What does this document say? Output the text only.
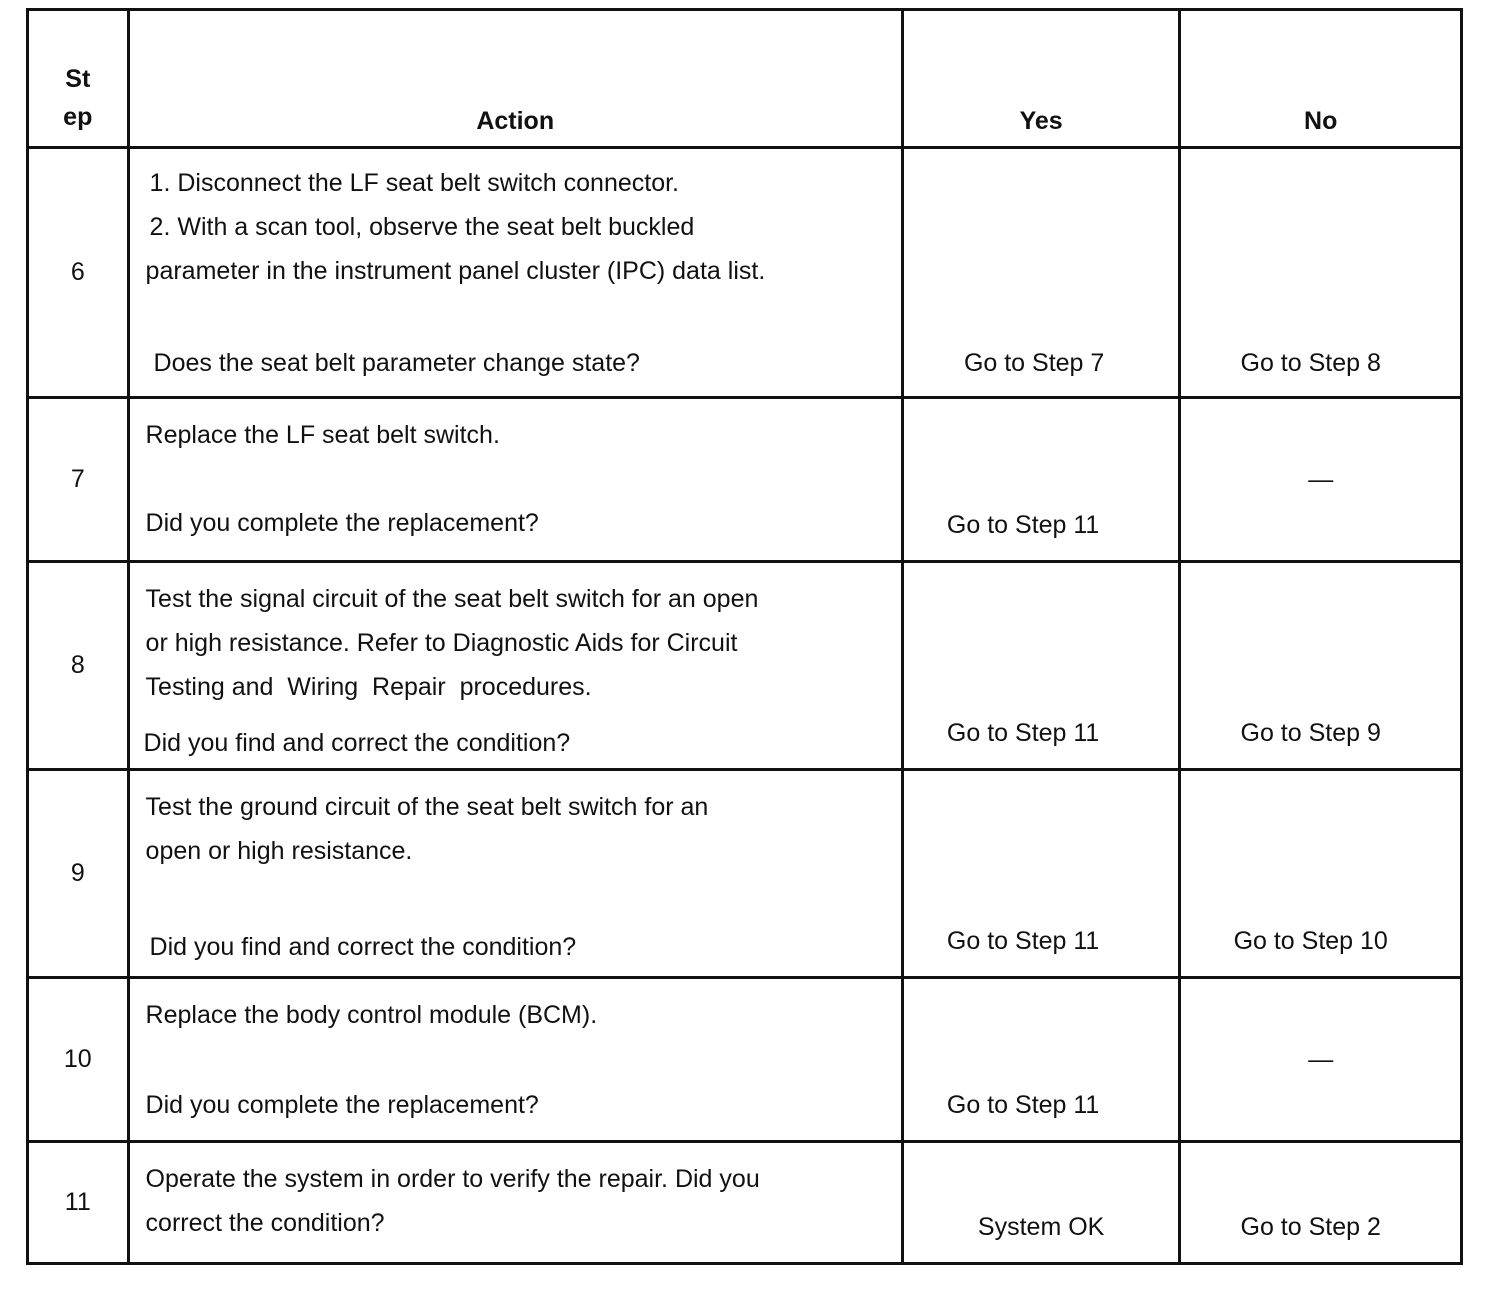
St ep	Action	Yes	No
6	1. Disconnect the LF seat belt switch connector.
2. With a scan tool, observe the seat belt buckled
parameter in the instrument panel cluster (IPC) data list.
Does the seat belt parameter change state?	Go to Step 7	Go to Step 8

7	Replace the LF seat belt switch.
Did you complete the replacement?	Go to Step 11	—

8	Test the signal circuit of the seat belt switch for an open
or high resistance. Refer to Diagnostic Aids for Circuit
Testing and  Wiring  Repair  procedures.
Did you find and correct the condition?	Go to Step 11	Go to Step 9

9	Test the ground circuit of the seat belt switch for an
open or high resistance.
Did you find and correct the condition?	Go to Step 11	Go to Step 10

10	Replace the body control module (BCM).
Did you complete the replacement?	Go to Step 11	—

11	Operate the system in order to verify the repair. Did you
correct the condition?	System OK	Go to Step 2
